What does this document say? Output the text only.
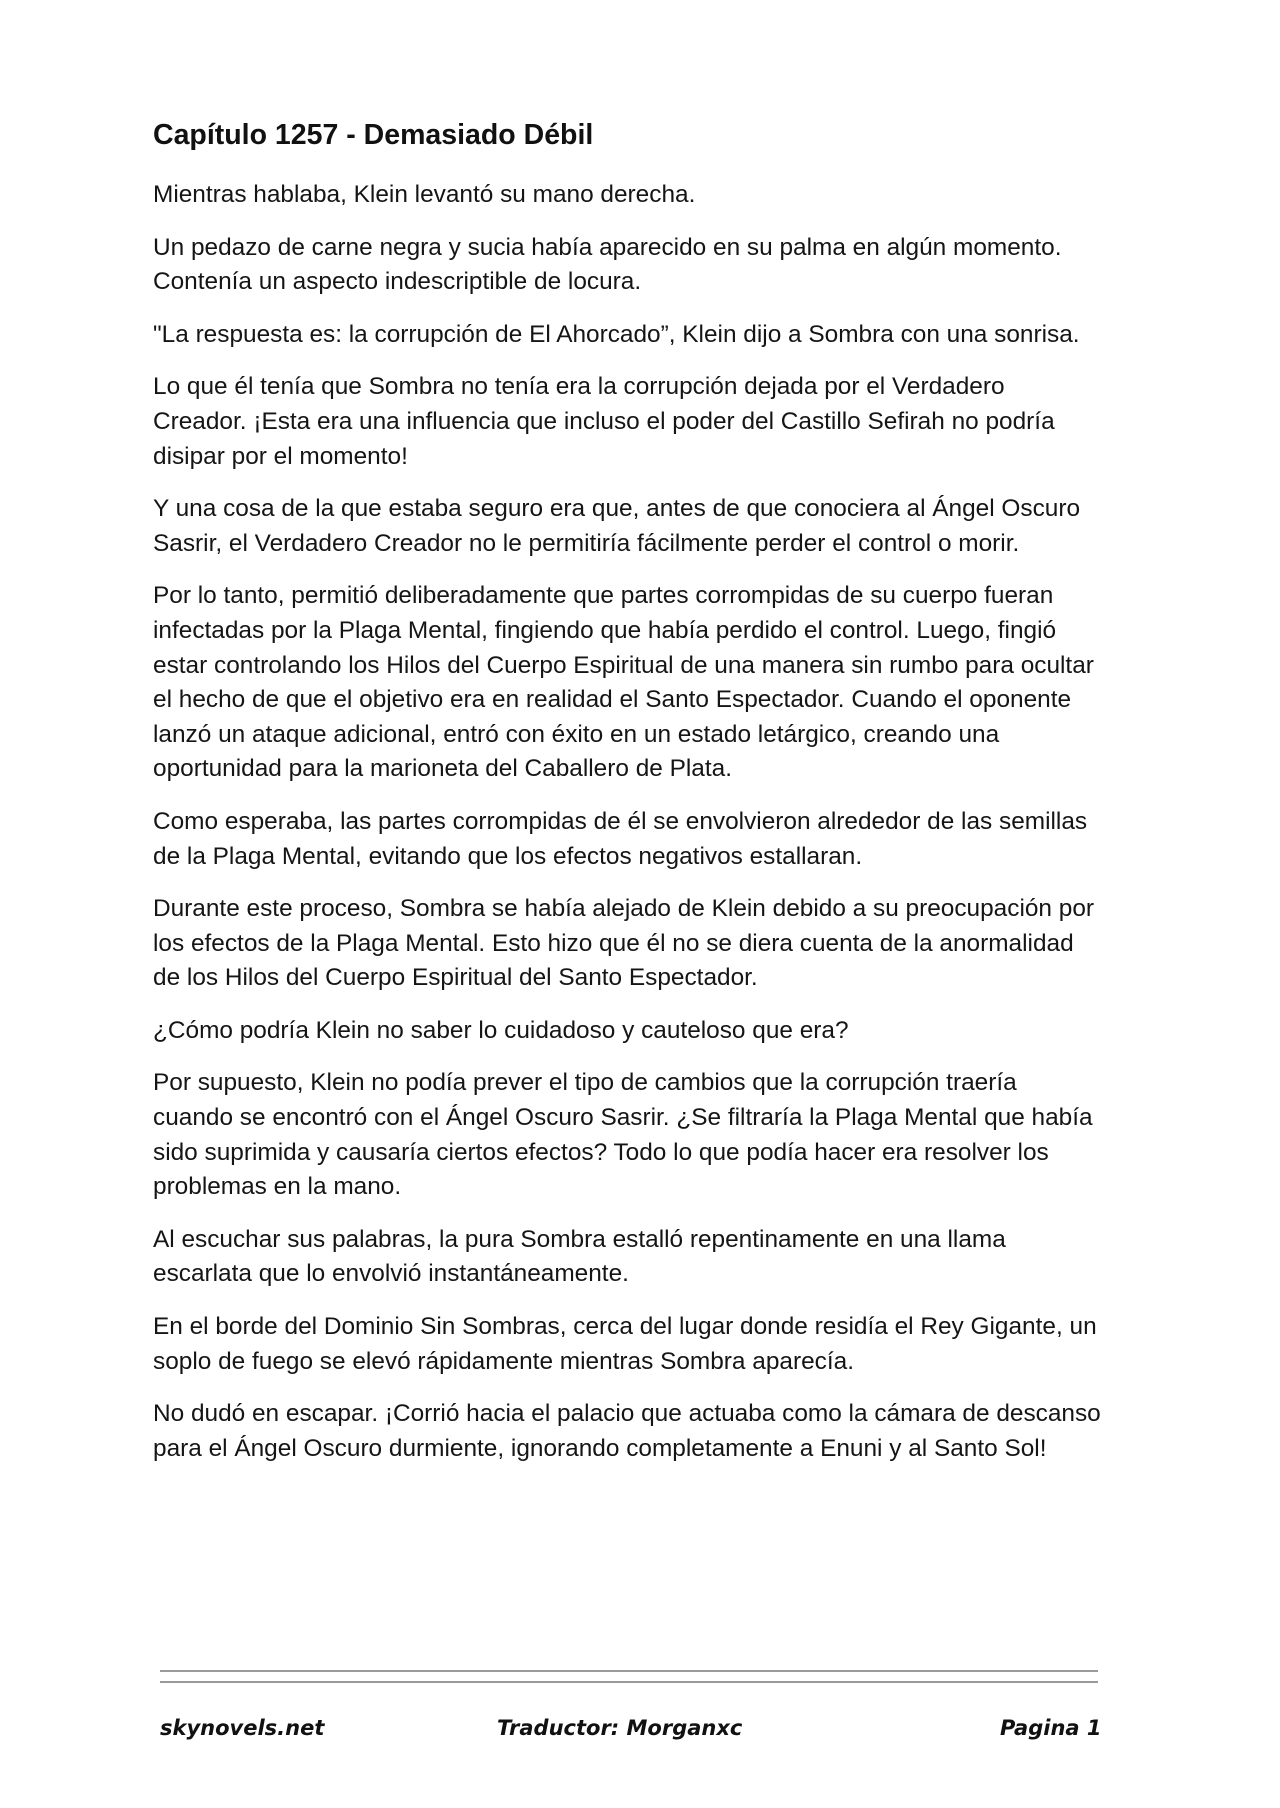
Capítulo 1257 - Demasiado Débil

Mientras hablaba, Klein levantó su mano derecha.

Un pedazo de carne negra y sucia había aparecido en su palma en algún momento. Contenía un aspecto indescriptible de locura.

"La respuesta es: la corrupción de El Ahorcado”, Klein dijo a Sombra con una sonrisa.

Lo que él tenía que Sombra no tenía era la corrupción dejada por el Verdadero Creador. ¡Esta era una influencia que incluso el poder del Castillo Sefirah no podría disipar por el momento!

Y una cosa de la que estaba seguro era que, antes de que conociera al Ángel Oscuro Sasrir, el Verdadero Creador no le permitiría fácilmente perder el control o morir.

Por lo tanto, permitió deliberadamente que partes corrompidas de su cuerpo fueran infectadas por la Plaga Mental, fingiendo que había perdido el control. Luego, fingió estar controlando los Hilos del Cuerpo Espiritual de una manera sin rumbo para ocultar el hecho de que el objetivo era en realidad el Santo Espectador. Cuando el oponente lanzó un ataque adicional, entró con éxito en un estado letárgico, creando una oportunidad para la marioneta del Caballero de Plata.

Como esperaba, las partes corrompidas de él se envolvieron alrededor de las semillas de la Plaga Mental, evitando que los efectos negativos estallaran.

Durante este proceso, Sombra se había alejado de Klein debido a su preocupación por los efectos de la Plaga Mental. Esto hizo que él no se diera cuenta de la anormalidad de los Hilos del Cuerpo Espiritual del Santo Espectador.

¿Cómo podría Klein no saber lo cuidadoso y cauteloso que era?

Por supuesto, Klein no podía prever el tipo de cambios que la corrupción traería cuando se encontró con el Ángel Oscuro Sasrir. ¿Se filtraría la Plaga Mental que había sido suprimida y causaría ciertos efectos? Todo lo que podía hacer era resolver los problemas en la mano.

Al escuchar sus palabras, la pura Sombra estalló repentinamente en una llama escarlata que lo envolvió instantáneamente.

En el borde del Dominio Sin Sombras, cerca del lugar donde residía el Rey Gigante, un soplo de fuego se elevó rápidamente mientras Sombra aparecía.

No dudó en escapar. ¡Corrió hacia el palacio que actuaba como la cámara de descanso para el Ángel Oscuro durmiente, ignorando completamente a Enuni y al Santo Sol!

skynovels.net	Traductor: Morganxc	Pagina 1
